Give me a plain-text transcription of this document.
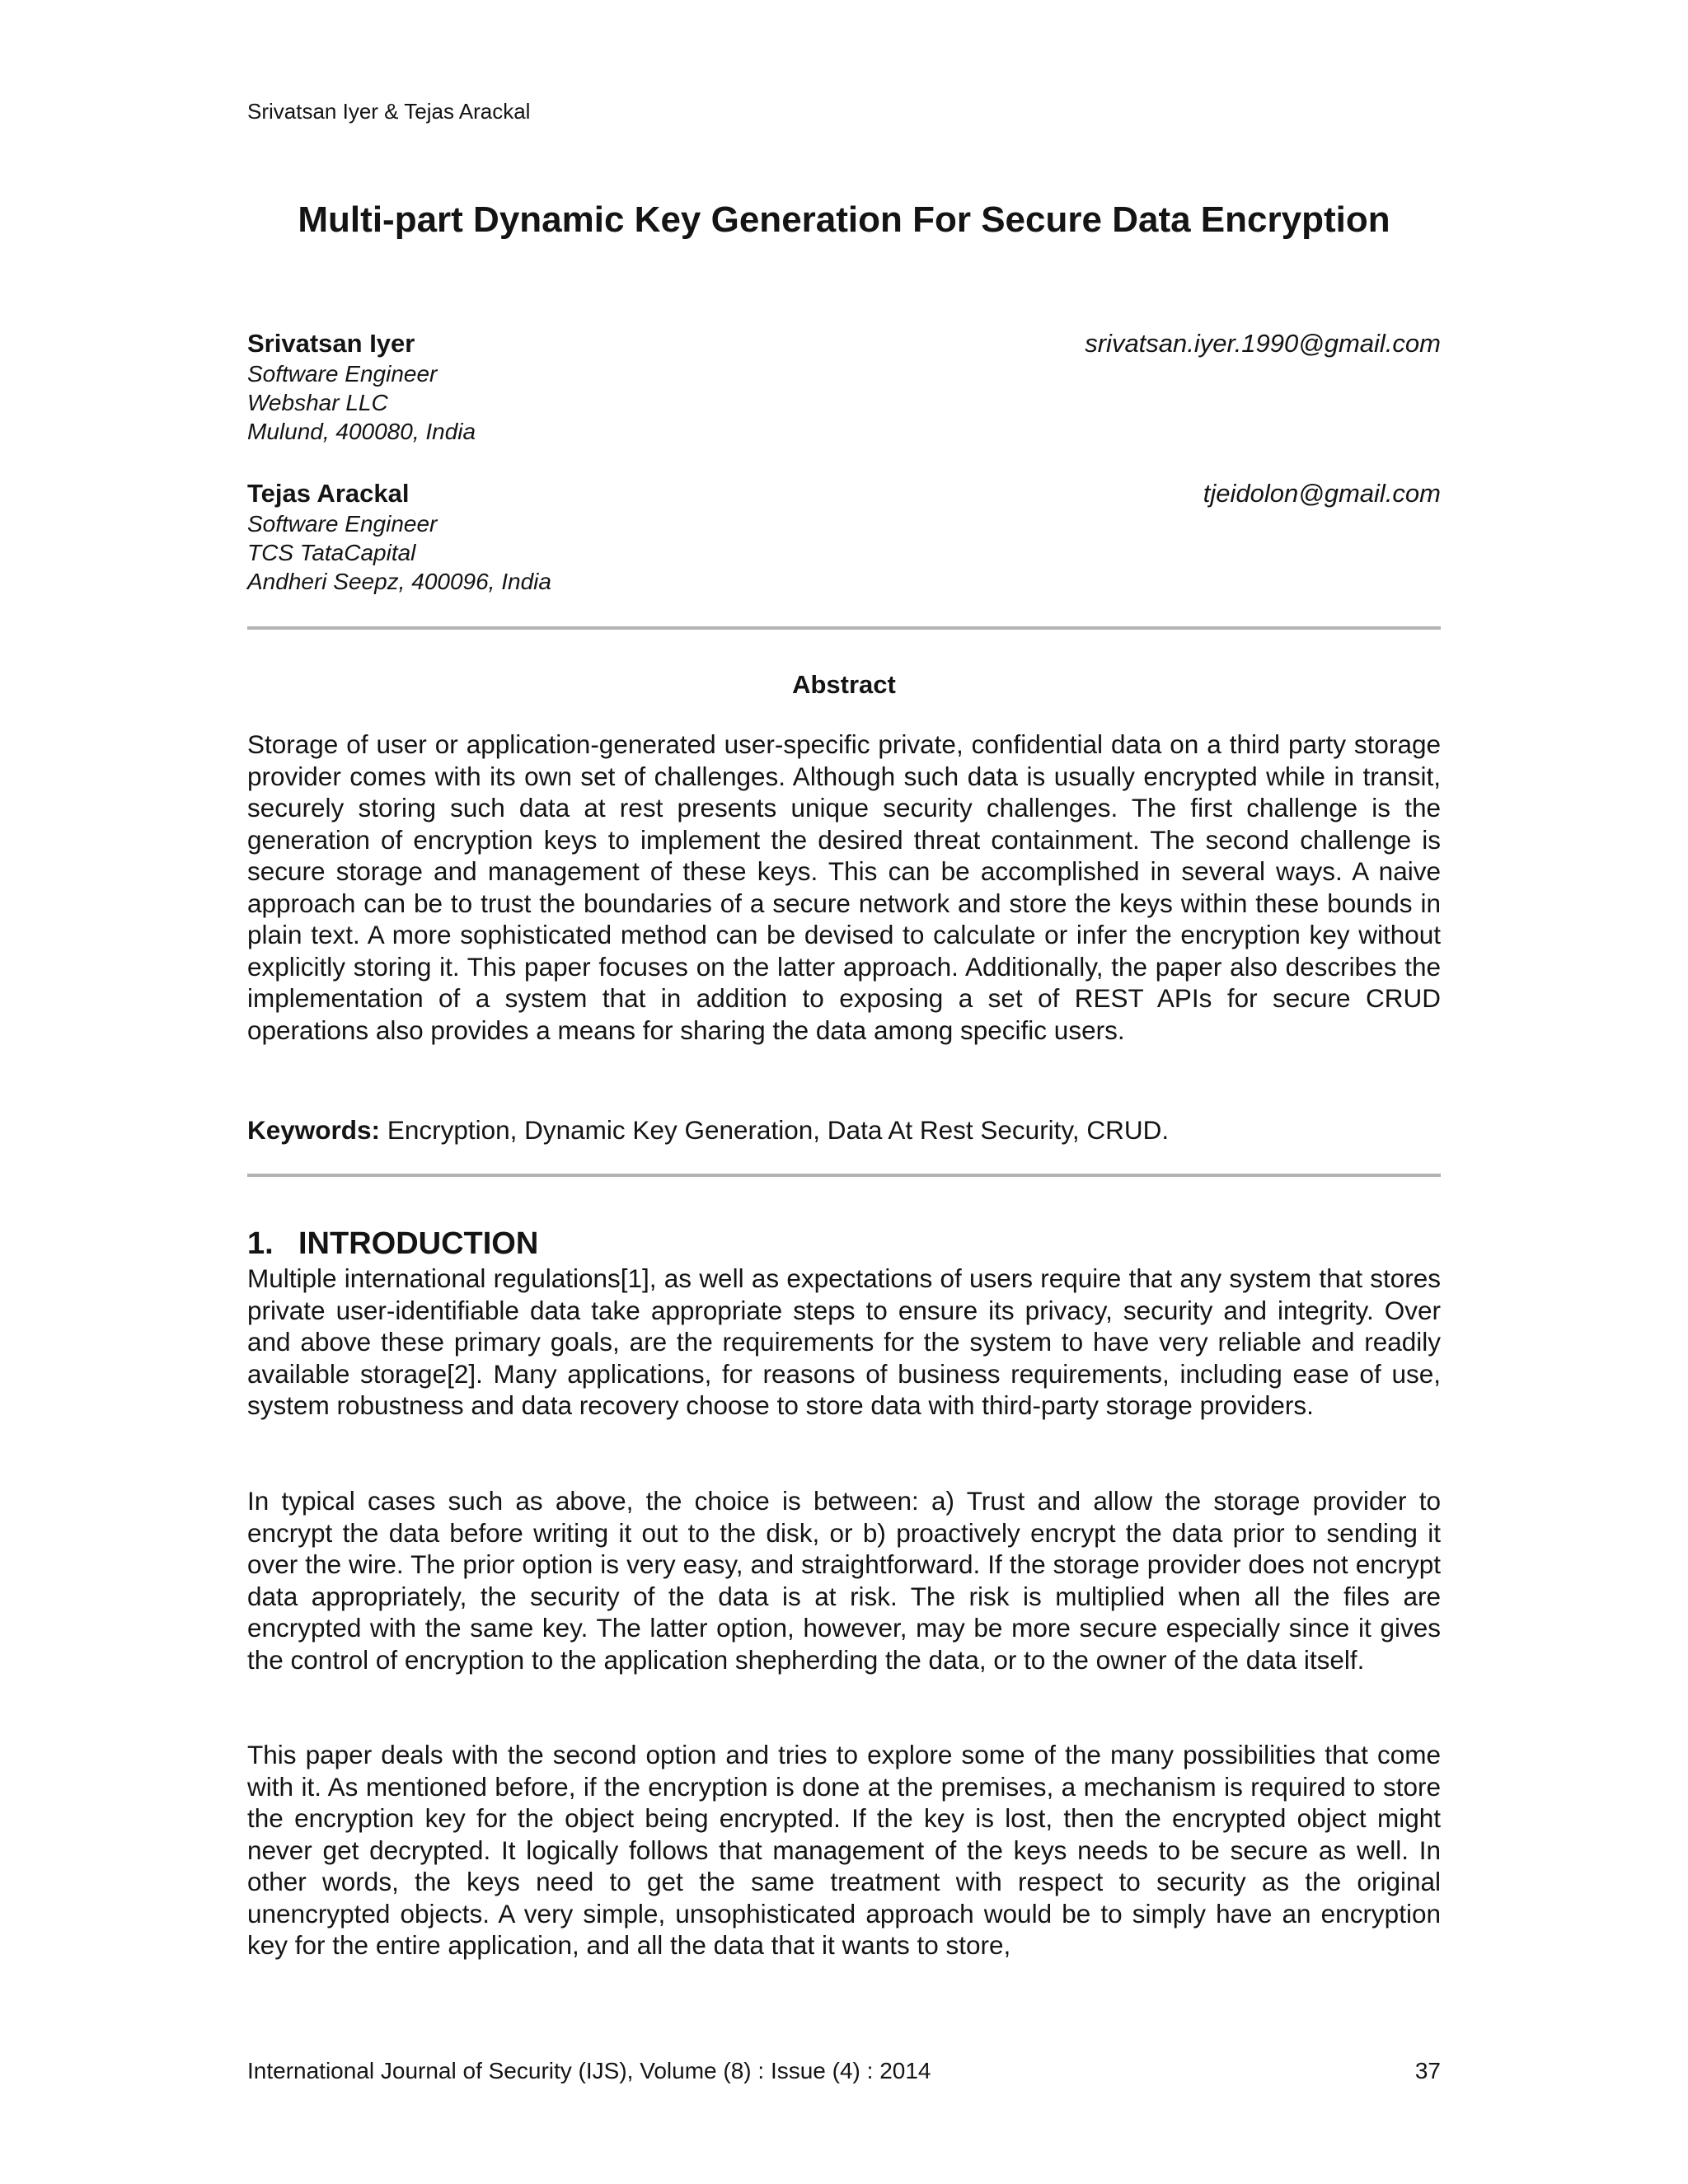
Srivatsan Iyer & Tejas Arackal
Multi-part Dynamic Key Generation For Secure Data Encryption
Srivatsan Iyer
Software Engineer
Webshar LLC
Mulund, 400080, India
srivatsan.iyer.1990@gmail.com
Tejas Arackal
Software Engineer
TCS TataCapital
Andheri Seepz, 400096, India
tjeidolon@gmail.com
Abstract

Storage of user or application-generated user-specific private, confidential data on a third party storage provider comes with its own set of challenges. Although such data is usually encrypted while in transit, securely storing such data at rest presents unique security challenges. The first challenge is the generation of encryption keys to implement the desired threat containment. The second challenge is secure storage and management of these keys. This can be accomplished in several ways. A naive approach can be to trust the boundaries of a secure network and store the keys within these bounds in plain text. A more sophisticated method can be devised to calculate or infer the encryption key without explicitly storing it. This paper focuses on the latter approach. Additionally, the paper also describes the implementation of a system that in addition to exposing a set of REST APIs for secure CRUD operations also provides a means for sharing the data among specific users.

Keywords: Encryption, Dynamic Key Generation, Data At Rest Security, CRUD.
1. INTRODUCTION

Multiple international regulations[1], as well as expectations of users require that any system that stores private user-identifiable data take appropriate steps to ensure its privacy, security and integrity. Over and above these primary goals, are the requirements for the system to have very reliable and readily available storage[2]. Many applications, for reasons of business requirements, including ease of use, system robustness and data recovery choose to store data with third-party storage providers.

In typical cases such as above, the choice is between: a) Trust and allow the storage provider to encrypt the data before writing it out to the disk, or b) proactively encrypt the data prior to sending it over the wire. The prior option is very easy, and straightforward. If the storage provider does not encrypt data appropriately, the security of the data is at risk. The risk is multiplied when all the files are encrypted with the same key. The latter option, however, may be more secure especially since it gives the control of encryption to the application shepherding the data, or to the owner of the data itself.

This paper deals with the second option and tries to explore some of the many possibilities that come with it. As mentioned before, if the encryption is done at the premises, a mechanism is required to store the encryption key for the object being encrypted. If the key is lost, then the encrypted object might never get decrypted. It logically follows that management of the keys needs to be secure as well. In other words, the keys need to get the same treatment with respect to security as the original unencrypted objects. A very simple, unsophisticated approach would be to simply have an encryption key for the entire application, and all the data that it wants to store,

International Journal of Security (IJS), Volume (8) : Issue (4) : 2014	37
